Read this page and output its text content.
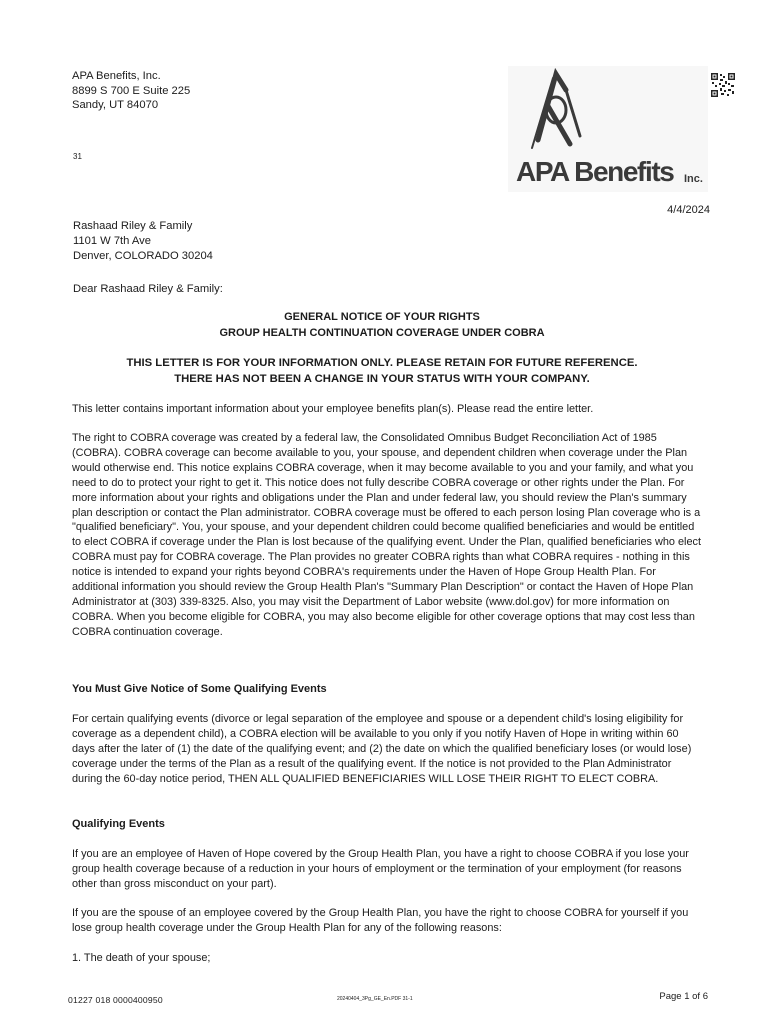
APA Benefits, Inc.
8899 S 700 E Suite 225
Sandy, UT 84070
31	APA Benefits Inc.
4/4/2024
Rashaad Riley & Family
1101 W 7th Ave
Denver, COLORADO 30204
Dear Rashaad Riley & Family:
GENERAL NOTICE OF YOUR RIGHTS
GROUP HEALTH CONTINUATION COVERAGE UNDER COBRA
THIS LETTER IS FOR YOUR INFORMATION ONLY. PLEASE RETAIN FOR FUTURE REFERENCE.
THERE HAS NOT BEEN A CHANGE IN YOUR STATUS WITH YOUR COMPANY.
This letter contains important information about your employee benefits plan(s). Please read the entire letter.
The right to COBRA coverage was created by a federal law, the Consolidated Omnibus Budget Reconciliation Act of 1985 (COBRA). COBRA coverage can become available to you, your spouse, and dependent children when coverage under the Plan would otherwise end. This notice explains COBRA coverage, when it may become available to you and your family, and what you need to do to protect your right to get it. This notice does not fully describe COBRA coverage or other rights under the Plan. For more information about your rights and obligations under the Plan and under federal law, you should review the Plan's summary plan description or contact the Plan administrator. COBRA coverage must be offered to each person losing Plan coverage who is a "qualified beneficiary". You, your spouse, and your dependent children could become qualified beneficiaries and would be entitled to elect COBRA if coverage under the Plan is lost because of the qualifying event. Under the Plan, qualified beneficiaries who elect COBRA must pay for COBRA coverage. The Plan provides no greater COBRA rights than what COBRA requires - nothing in this notice is intended to expand your rights beyond COBRA's requirements under the Haven of Hope Group Health Plan. For additional information you should review the Group Health Plan's "Summary Plan Description" or contact the Haven of Hope Plan Administrator at (303) 339-8325. Also, you may visit the Department of Labor website (www.dol.gov) for more information on COBRA. When you become eligible for COBRA, you may also become eligible for other coverage options that may cost less than COBRA continuation coverage.
You Must Give Notice of Some Qualifying Events
For certain qualifying events (divorce or legal separation of the employee and spouse or a dependent child's losing eligibility for coverage as a dependent child), a COBRA election will be available to you only if you notify Haven of Hope in writing within 60 days after the later of (1) the date of the qualifying event; and (2) the date on which the qualified beneficiary loses (or would lose) coverage under the terms of the Plan as a result of the qualifying event. If the notice is not provided to the Plan Administrator during the 60-day notice period, THEN ALL QUALIFIED BENEFICIARIES WILL LOSE THEIR RIGHT TO ELECT COBRA.
Qualifying Events
If you are an employee of Haven of Hope covered by the Group Health Plan, you have a right to choose COBRA if you lose your group health coverage because of a reduction in your hours of employment or the termination of your employment (for reasons other than gross misconduct on your part).
If you are the spouse of an employee covered by the Group Health Plan, you have the right to choose COBRA for yourself if you lose group health coverage under the Group Health Plan for any of the following reasons:
1. The death of your spouse;
01227 018 0000400950	20240404_3Pg_GE_En.PDF 31-1	Page 1 of 6
